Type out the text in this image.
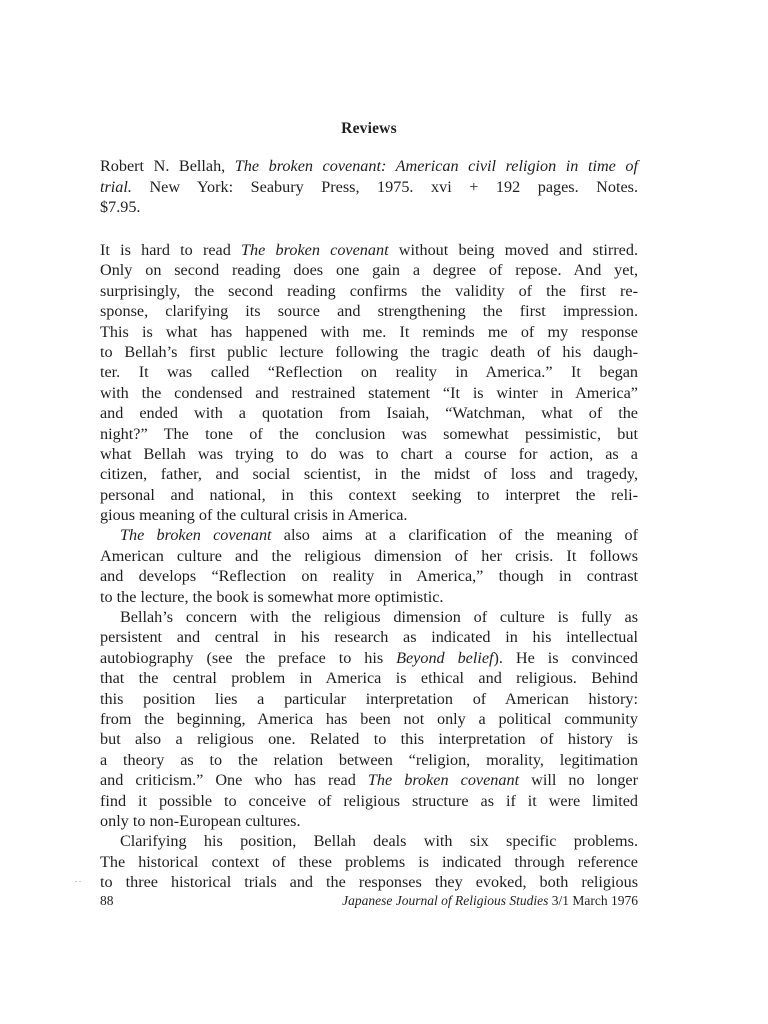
Reviews
Robert N. Bellah, The broken covenant: American civil religion in time of
trial. New York: Seabury Press, 1975. xvi + 192 pages. Notes.
$7.95.
It is hard to read The broken covenant without being moved and stirred.
Only on second reading does one gain a degree of repose. And yet,
surprisingly, the second reading confirms the validity of the first re-
sponse, clarifying its source and strengthening the first impression.
This is what has happened with me. It reminds me of my response
to Bellah’s first public lecture following the tragic death of his daugh-
ter. It was called “Reflection on reality in America.” It began
with the condensed and restrained statement “It is winter in America”
and ended with a quotation from Isaiah, “Watchman, what of the
night?” The tone of the conclusion was somewhat pessimistic, but
what Bellah was trying to do was to chart a course for action, as a
citizen, father, and social scientist, in the midst of loss and tragedy,
personal and national, in this context seeking to interpret the reli-
gious meaning of the cultural crisis in America.
The broken covenant also aims at a clarification of the meaning of
American culture and the religious dimension of her crisis. It follows
and develops “Reflection on reality in America,” though in contrast
to the lecture, the book is somewhat more optimistic.
Bellah’s concern with the religious dimension of culture is fully as
persistent and central in his research as indicated in his intellectual
autobiography (see the preface to his Beyond belief). He is convinced
that the central problem in America is ethical and religious. Behind
this position lies a particular interpretation of American history:
from the beginning, America has been not only a political community
but also a religious one. Related to this interpretation of history is
a theory as to the relation between “religion, morality, legitimation
and criticism.” One who has read The broken covenant will no longer
find it possible to conceive of religious structure as if it were limited
only to non-European cultures.
Clarifying his position, Bellah deals with six specific problems.
The historical context of these problems is indicated through reference
to three historical trials and the responses they evoked, both religious
88	Japanese Journal of Religious Studies 3/1 March 1976
. .
